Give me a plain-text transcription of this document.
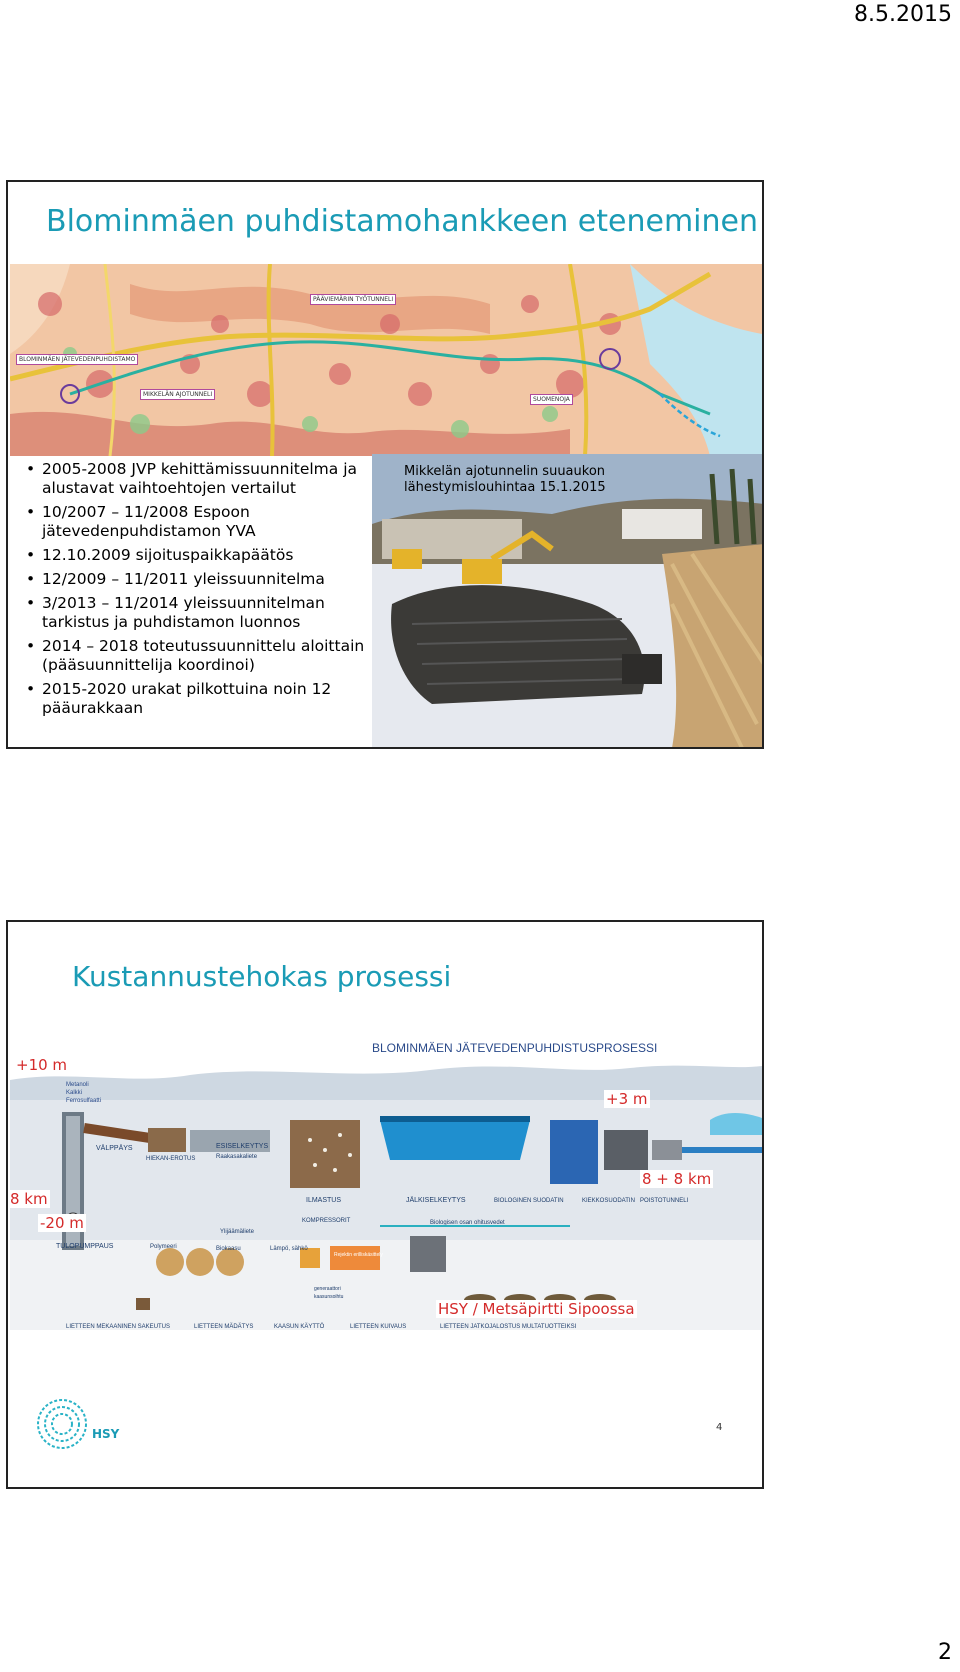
8.5.2015
Blominmäen puhdistamohankkeen eteneminen
BLOMINMÄEN JÄTEVEDENPUHDISTAMO
MIKKELÄN AJOTUNNELI
PÄÄVIEMÄRIN TYÖTUNNELI
SUOMENOJA
• 2005-2008 JVP kehittämissuunnitelma ja alustavat vaihtoehtojen vertailut
• 10/2007 – 11/2008 Espoon jätevedenpuhdistamon YVA
• 12.10.2009 sijoituspaikkapäätös
• 12/2009 – 11/2011 yleissuunnitelma
• 3/2013 – 11/2014 yleissuunnitelman tarkistus ja puhdistamon luonnos
• 2014 – 2018 toteutussuunnittelu aloittain (pääsuunnittelija koordinoi)
• 2015-2020 urakat pilkottuina noin 12 pääurakkaan
Mikkelän ajotunnelin suuaukon
lähestymislouhintaa 15.1.2015
Kustannustehokas prosessi
BLOMINMÄEN JÄTEVEDENPUHDISTUSPROSESSI
Metanoli
Kalkki
Ferrosulfaatti
VÄLPPÄYS
HIEKAN-EROTUS
ESISELKEYTYS
Raakasakaliete
ILMASTUS
KOMPRESSORIT
JÄLKISELKEYTYS	BIOLOGINEN SUODATIN	KIEKKOSUODATIN POISTOTUNNELI
TULOPUMPPAUS
Biologisen osan ohitusvedet
Polymeeri	Biokaasu	Lämpö, sähkö
Ylijäämäliete
Rejektin erilliskäsittely
generaattori
kaasunsoihtu
LIETTEEN MEKAANINEN SAKEUTUS	LIETTEEN MÄDÄTYS	KAASUN KÄYTTÖ	LIETTEEN KUIVAUS	LIETTEEN JATKOJALOSTUS MULTATUOTTEIKSI
+10 m
+3 m
8 km
-20 m
8 + 8 km
HSY / Metsäpirtti Sipoossa
HSY	4
2
